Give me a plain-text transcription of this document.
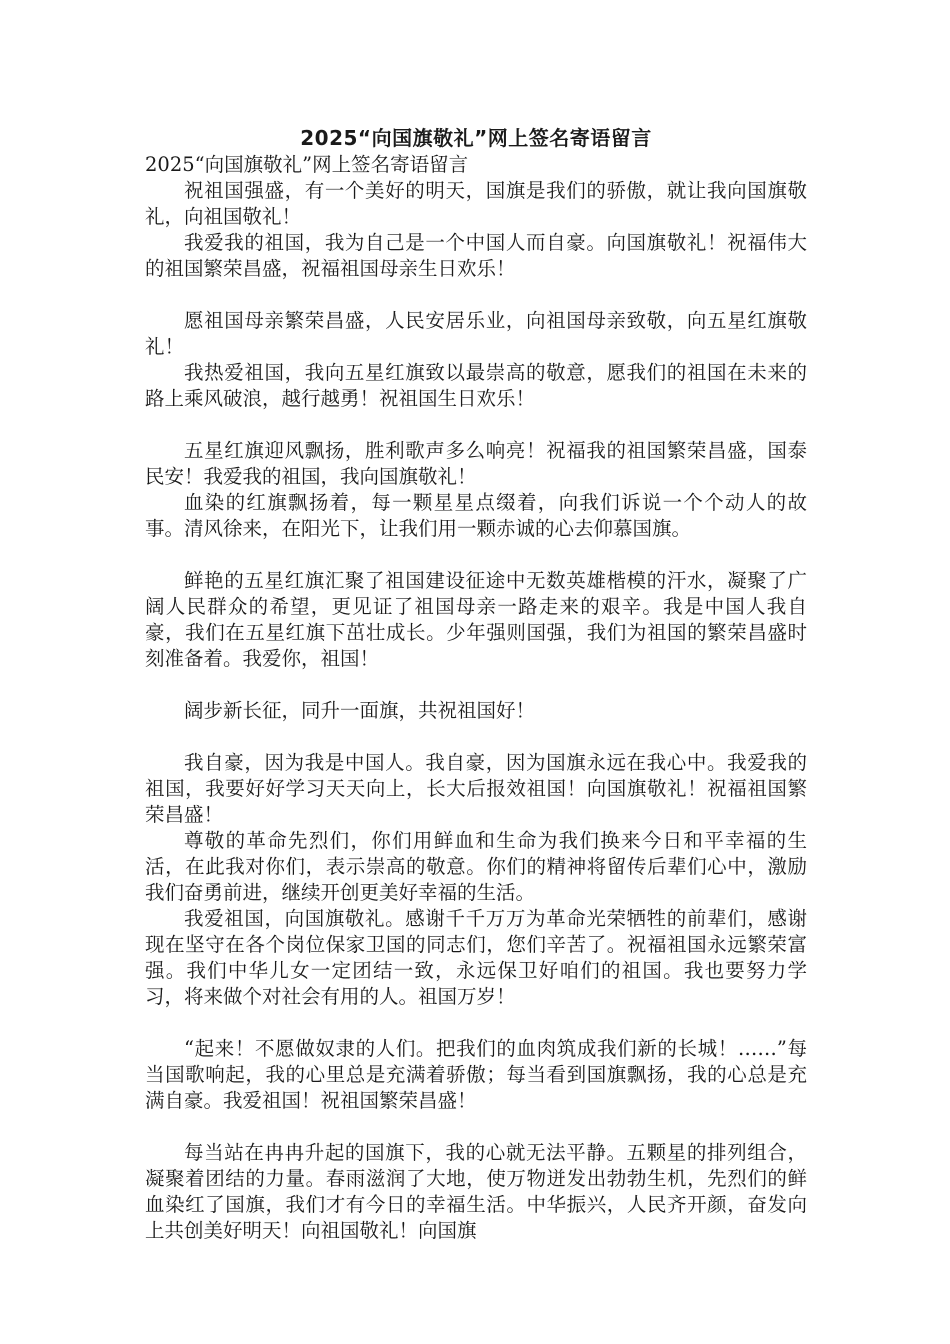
2025“向国旗敬礼”网上签名寄语留言
2025“向国旗敬礼”网上签名寄语留言

祝祖国强盛，有一个美好的明天，国旗是我们的骄傲，就让我向国旗敬礼，向祖国敬礼！

我爱我的祖国，我为自己是一个中国人而自豪。向国旗敬礼！祝福伟大的祖国繁荣昌盛，祝福祖国母亲生日欢乐！

愿祖国母亲繁荣昌盛，人民安居乐业，向祖国母亲致敬，向五星红旗敬礼！

我热爱祖国，我向五星红旗致以最崇高的敬意，愿我们的祖国在未来的路上乘风破浪，越行越勇！祝祖国生日欢乐！

五星红旗迎风飘扬，胜利歌声多么响亮！祝福我的祖国繁荣昌盛，国泰民安！我爱我的祖国，我向国旗敬礼！

血染的红旗飘扬着，每一颗星星点缀着，向我们诉说一个个动人的故事。清风徐来，在阳光下，让我们用一颗赤诚的心去仰慕国旗。

鲜艳的五星红旗汇聚了祖国建设征途中无数英雄楷模的汗水，凝聚了广阔人民群众的希望，更见证了祖国母亲一路走来的艰辛。我是中国人我自豪，我们在五星红旗下茁壮成长。少年强则国强，我们为祖国的繁荣昌盛时刻准备着。我爱你，祖国！

阔步新长征，同升一面旗，共祝祖国好！

我自豪，因为我是中国人。我自豪，因为国旗永远在我心中。我爱我的祖国，我要好好学习天天向上，长大后报效祖国！向国旗敬礼！祝福祖国繁荣昌盛！

尊敬的革命先烈们，你们用鲜血和生命为我们换来今日和平幸福的生活，在此我对你们，表示崇高的敬意。你们的精神将留传后辈们心中，激励我们奋勇前进，继续开创更美好幸福的生活。

我爱祖国，向国旗敬礼。感谢千千万万为革命光荣牺牲的前辈们，感谢现在坚守在各个岗位保家卫国的同志们，您们辛苦了。祝福祖国永远繁荣富强。我们中华儿女一定团结一致，永远保卫好咱们的祖国。我也要努力学习，将来做个对社会有用的人。祖国万岁！

“起来！不愿做奴隶的人们。把我们的血肉筑成我们新的长城！……”每当国歌响起，我的心里总是充满着骄傲；每当看到国旗飘扬，我的心总是充满自豪。我爱祖国！祝祖国繁荣昌盛！

每当站在冉冉升起的国旗下，我的心就无法平静。五颗星的排列组合，凝聚着团结的力量。春雨滋润了大地，使万物迸发出勃勃生机，先烈们的鲜血染红了国旗，我们才有今日的幸福生活。中华振兴，人民齐开颜，奋发向上共创美好明天！向祖国敬礼！向国旗
